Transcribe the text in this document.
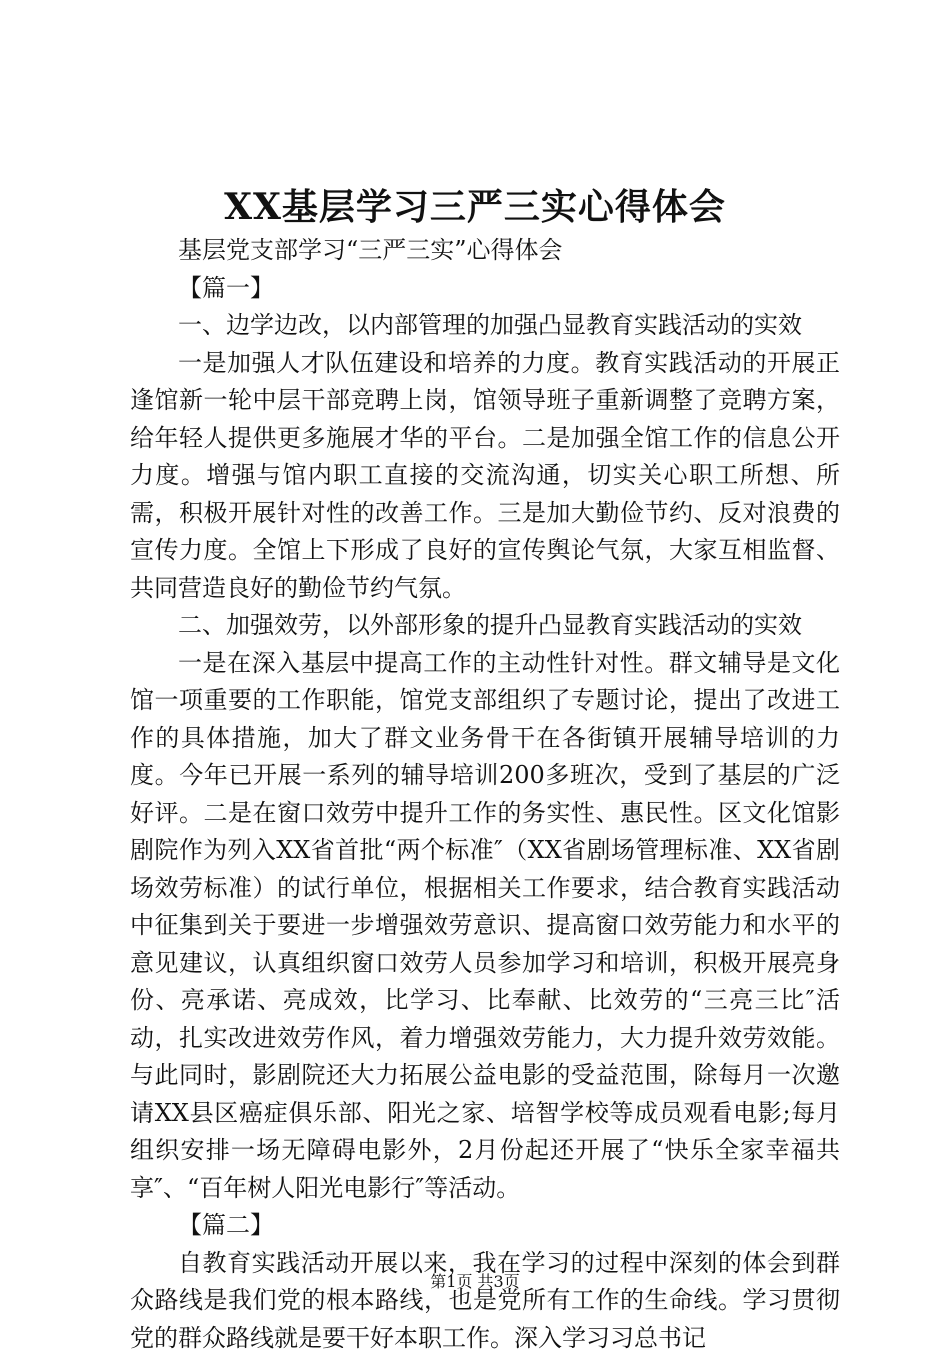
XX基层学习三严三实心得体会

基层党支部学习“三严三实”心得体会

【篇一】

一、边学边改，以内部管理的加强凸显教育实践活动的实效

一是加强人才队伍建设和培养的力度。教育实践活动的开展正逢馆新一轮中层干部竞聘上岗，馆领导班子重新调整了竞聘方案，给年轻人提供更多施展才华的平台。二是加强全馆工作的信息公开力度。增强与馆内职工直接的交流沟通，切实关心职工所想、所需，积极开展针对性的改善工作。三是加大勤俭节约、反对浪费的宣传力度。全馆上下形成了良好的宣传舆论气氛，大家互相监督、共同营造良好的勤俭节约气氛。

二、加强效劳，以外部形象的提升凸显教育实践活动的实效

一是在深入基层中提高工作的主动性针对性。群文辅导是文化馆一项重要的工作职能，馆党支部组织了专题讨论，提出了改进工作的具体措施，加大了群文业务骨干在各街镇开展辅导培训的力度。今年已开展一系列的辅导培训200多班次，受到了基层的广泛好评。二是在窗口效劳中提升工作的务实性、惠民性。区文化馆影剧院作为列入XX省首批“两个标准″（XX省剧场管理标准、XX省剧场效劳标准）的试行单位，根据相关工作要求，结合教育实践活动中征集到关于要进一步增强效劳意识、提高窗口效劳能力和水平的意见建议，认真组织窗口效劳人员参加学习和培训，积极开展亮身份、亮承诺、亮成效，比学习、比奉献、比效劳的“三亮三比″活动，扎实改进效劳作风，着力增强效劳能力，大力提升效劳效能。与此同时，影剧院还大力拓展公益电影的受益范围，除每月一次邀请XX县区癌症俱乐部、阳光之家、培智学校等成员观看电影;每月组织安排一场无障碍电影外，2月份起还开展了“快乐全家幸福共享″、“百年树人阳光电影行″等活动。

【篇二】

自教育实践活动开展以来，我在学习的过程中深刻的体会到群众路线是我们党的根本路线，也是党所有工作的生命线。学习贯彻党的群众路线就是要干好本职工作。深入学习习总书记

第1页 共3页
